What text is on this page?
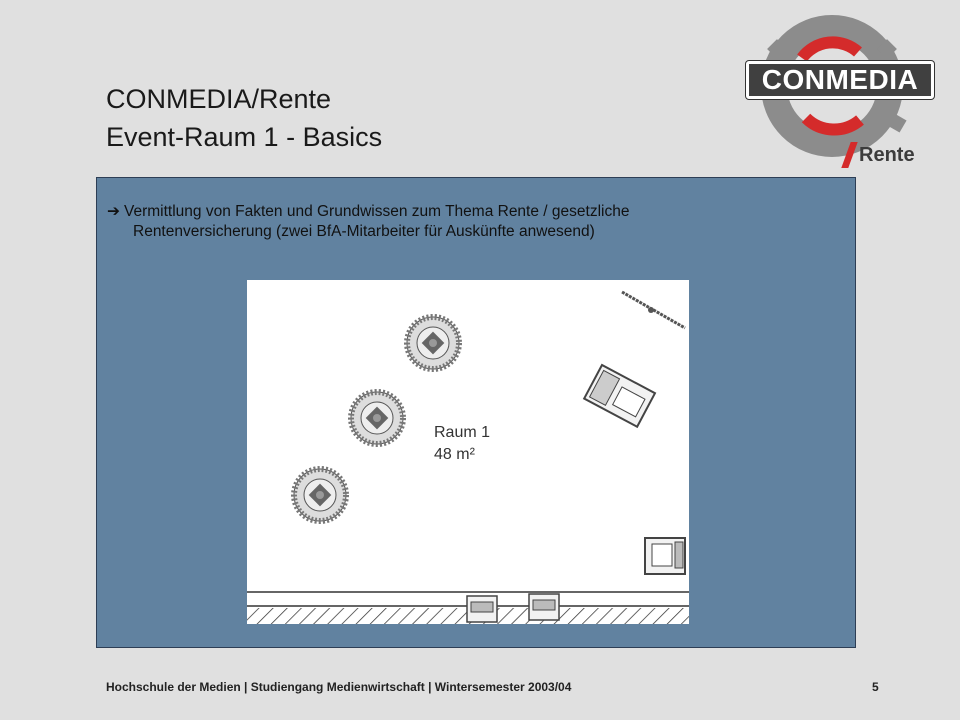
CONMEDIA/Rente
Event-Raum 1 - Basics
CONMEDIA
Rente
➔ Vermittlung von Fakten und Grundwissen zum Thema Rente / gesetzliche
Rentenversicherung (zwei BfA-Mitarbeiter für Auskünfte anwesend)
Raum 1
48 m²
Hochschule der Medien | Studiengang Medienwirtschaft | Wintersemester 2003/04	5
